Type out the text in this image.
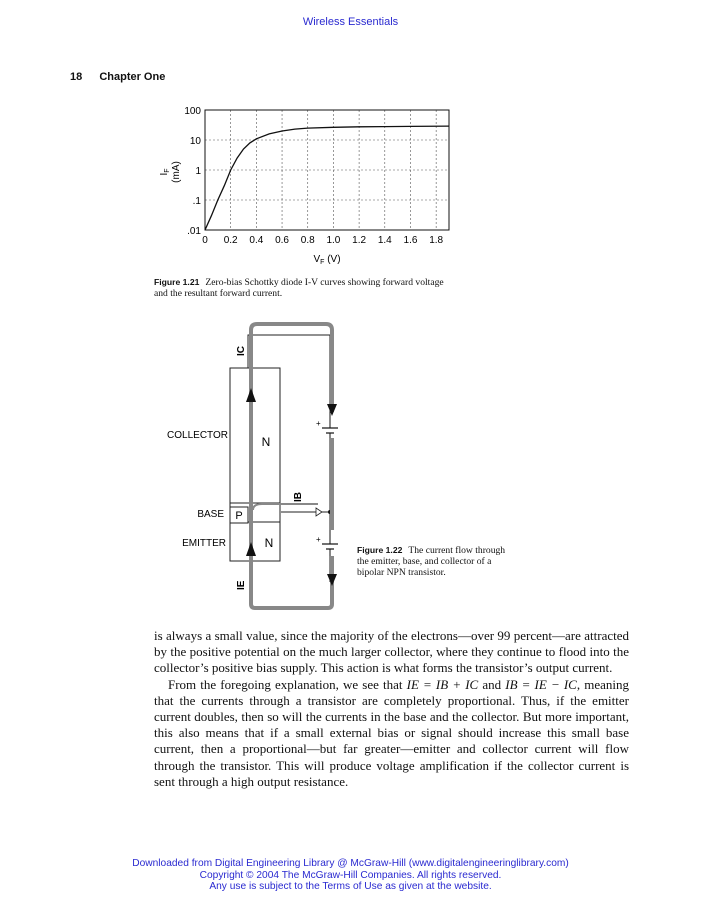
Wireless Essentials
18 Chapter One
.01
.1
1
10
100
0 0.2 0.4 0.6 0.8 1.0 1.2 1.4 1.6 1.8
$I_F$ (mA)
$V_F$ (V)
Figure 1.21 Zero-bias Schottky diode I-V curves showing forward voltage and the resultant forward current.
+
+
N
P
N
IC
IB
IE
COLLECTOR
BASE
EMITTER
Figure 1.22 The current flow through the emitter, base, and collector of a bipolar NPN transistor.

is always a small value, since the majority of the electrons—over 99 percent—are attracted by the positive potential on the much larger collector, where they continue to flood into the collector’s positive bias supply. This action is what forms the transistor’s output current.

From the foregoing explanation, we see that IE = IB + IC and IB = IE − IC, meaning that the currents through a transistor are completely proportional. Thus, if the emitter current doubles, then so will the currents in the base and the collector. But more important, this also means that if a small external bias or signal should increase this small base current, then a proportional—but far greater—emitter and collector current will flow through the transistor. This will produce voltage amplification if the collector current is sent through a high output resistance.

Downloaded from Digital Engineering Library @ McGraw-Hill (www.digitalengineeringlibrary.com)
Copyright © 2004 The McGraw-Hill Companies. All rights reserved.
Any use is subject to the Terms of Use as given at the website.
